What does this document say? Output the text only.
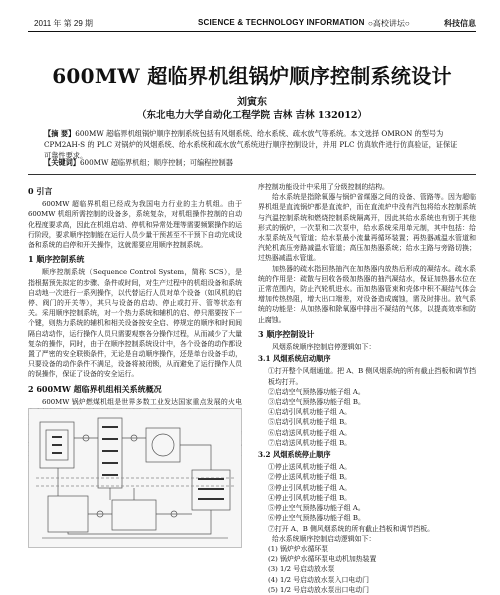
2011 年 第 29 期	SCIENCE & TECHNOLOGY INFORMATION ○高校讲坛○	科技信息
600MW 超临界机组锅炉顺序控制系统设计
刘寅东
（东北电力大学自动化工程学院 吉林 吉林 132012）
【摘 要】600MW 超临界机组锅炉顺序控制系统包括有风烟系统、给水系统、疏水放气等系统。本文选择 OMRON 的型号为 CPM2AH-S 的 PLC 对锅炉的风烟系统、给水系统和疏水放气系统进行顺序控制设计，并用 PLC 仿真软件进行仿真验证，证保证可靠性要求。
【关键词】600MW 超临界机组；顺序控制；可编程控制器
0 引言

600MW 超临界机组已经成为我国电力行业的主力机组。由于 600MW 机组所需控制的设备多，系统复杂，对机组操作控制的自动化程度要求高，因此在机组启动、停机和异常处理等需要频繁操作的运行阶段，要求顺序控制能在运行人员少量干预甚至不干预下自动完成设备和系统的启停和开关操作，这就需要应用顺序控制系统。

1 顺序控制系统

顺序控制系统（Sequence Control System，简称 SCS），是指根据预先拟定的步骤、条件或时间，对生产过程中的机组设备和系统自动地一次进行一系列操作，以代替运行人员对单个设备（如风机的启停、阀门的开关等），其只与设备的启动、停止或打开、管等状态有关。采用顺序控制系统，对一个热力系统和辅机的启、停只需要按下一个键，则热力系统的辅机和相关设备按安全启、停规定的顺序和时间间隔自动动作，运行操作人员只需要观察各分操作过程，从而减少了大量复杂的操作，同时，由于在顺序控制系统设计中，各个设备的动作都设置了严密的安全联锁条件，无论是自动顺序操作，还是单台设备手动，只要设备的动作条件不满足，设备将被闭锁，从而避免了运行操作人员的误操作，保证了设备的安全运行。

2 600MW 超临界机组相关系统概况

600MW 锅炉燃煤机组是世界多数工业发达国家重点发展的火电

序控制功能设计中采用了分级控制的结构。

给水系统是指除氧器与锅炉省煤器之间的设备、管路等。因为超临界机组是直流锅炉都是直流炉，而在直流炉中没有汽包将给水控制系统与汽温控制系统和燃烧控制系统隔离开，因此其给水系统也有别于其他形式的锅炉，一次泵和二次泵中，给水系统采用单元制，其中包括：给水泵系统及气管道；给水泵最小流量再循环装置；再热器减温水管道和汽轮机高压旁路减温水管道；高压加热器系统；给水主路与旁路切换；过热器减温水管道。

加热器的疏水指回热抽汽在加热器内放热后形成的凝结水。疏水系统的作用是：疏散与回收各级加热器的抽汽凝结水，保证加热器水位在正常范围内，防止汽轮机进水。而加热器管束和壳体中积不凝结气体会增加传热热阻，增大出口端差，对设备造成腐蚀，需及时排出。放气系统的功能是：从加热器和除氧器中排出不凝结的气体，以提高效率和防止腐蚀。

3 顺序控制设计

风烟系统顺序控制启停逻辑如下：

3.1 风烟系统启动顺序
①打开整个风烟通道。把 A、B 侧风烟系统的所有截止挡板和调节挡板均打开。
②启动空气预热器功能子组 A。
③启动空气预热器功能子组 B。
④启动引风机功能子组 A。
⑤启动引风机功能子组 B。
⑥启动送风机功能子组 A。
⑦启动送风机功能子组 B。
3.2 风烟系统停止顺序
①停止送风机功能子组 A。
②停止送风机功能子组 B。
③停止引风机功能子组 A。
④停止引风机功能子组 B。
⑤停止空气预热器功能子组 A。
⑥停止空气预热器功能子组 B。
⑦打开 A、B 侧风烟系统的所有截止挡板和调节挡板。

给水系统顺序控制启动逻辑如下：

(1) 锅炉炉水循环泵
(2) 锅炉炉水循环泵电动机加热装置
(3) 1/2 号启动放水泵
(4) 1/2 号启动放水泵入口电动门
(5) 1/2 号启动放水泵出口电动门
